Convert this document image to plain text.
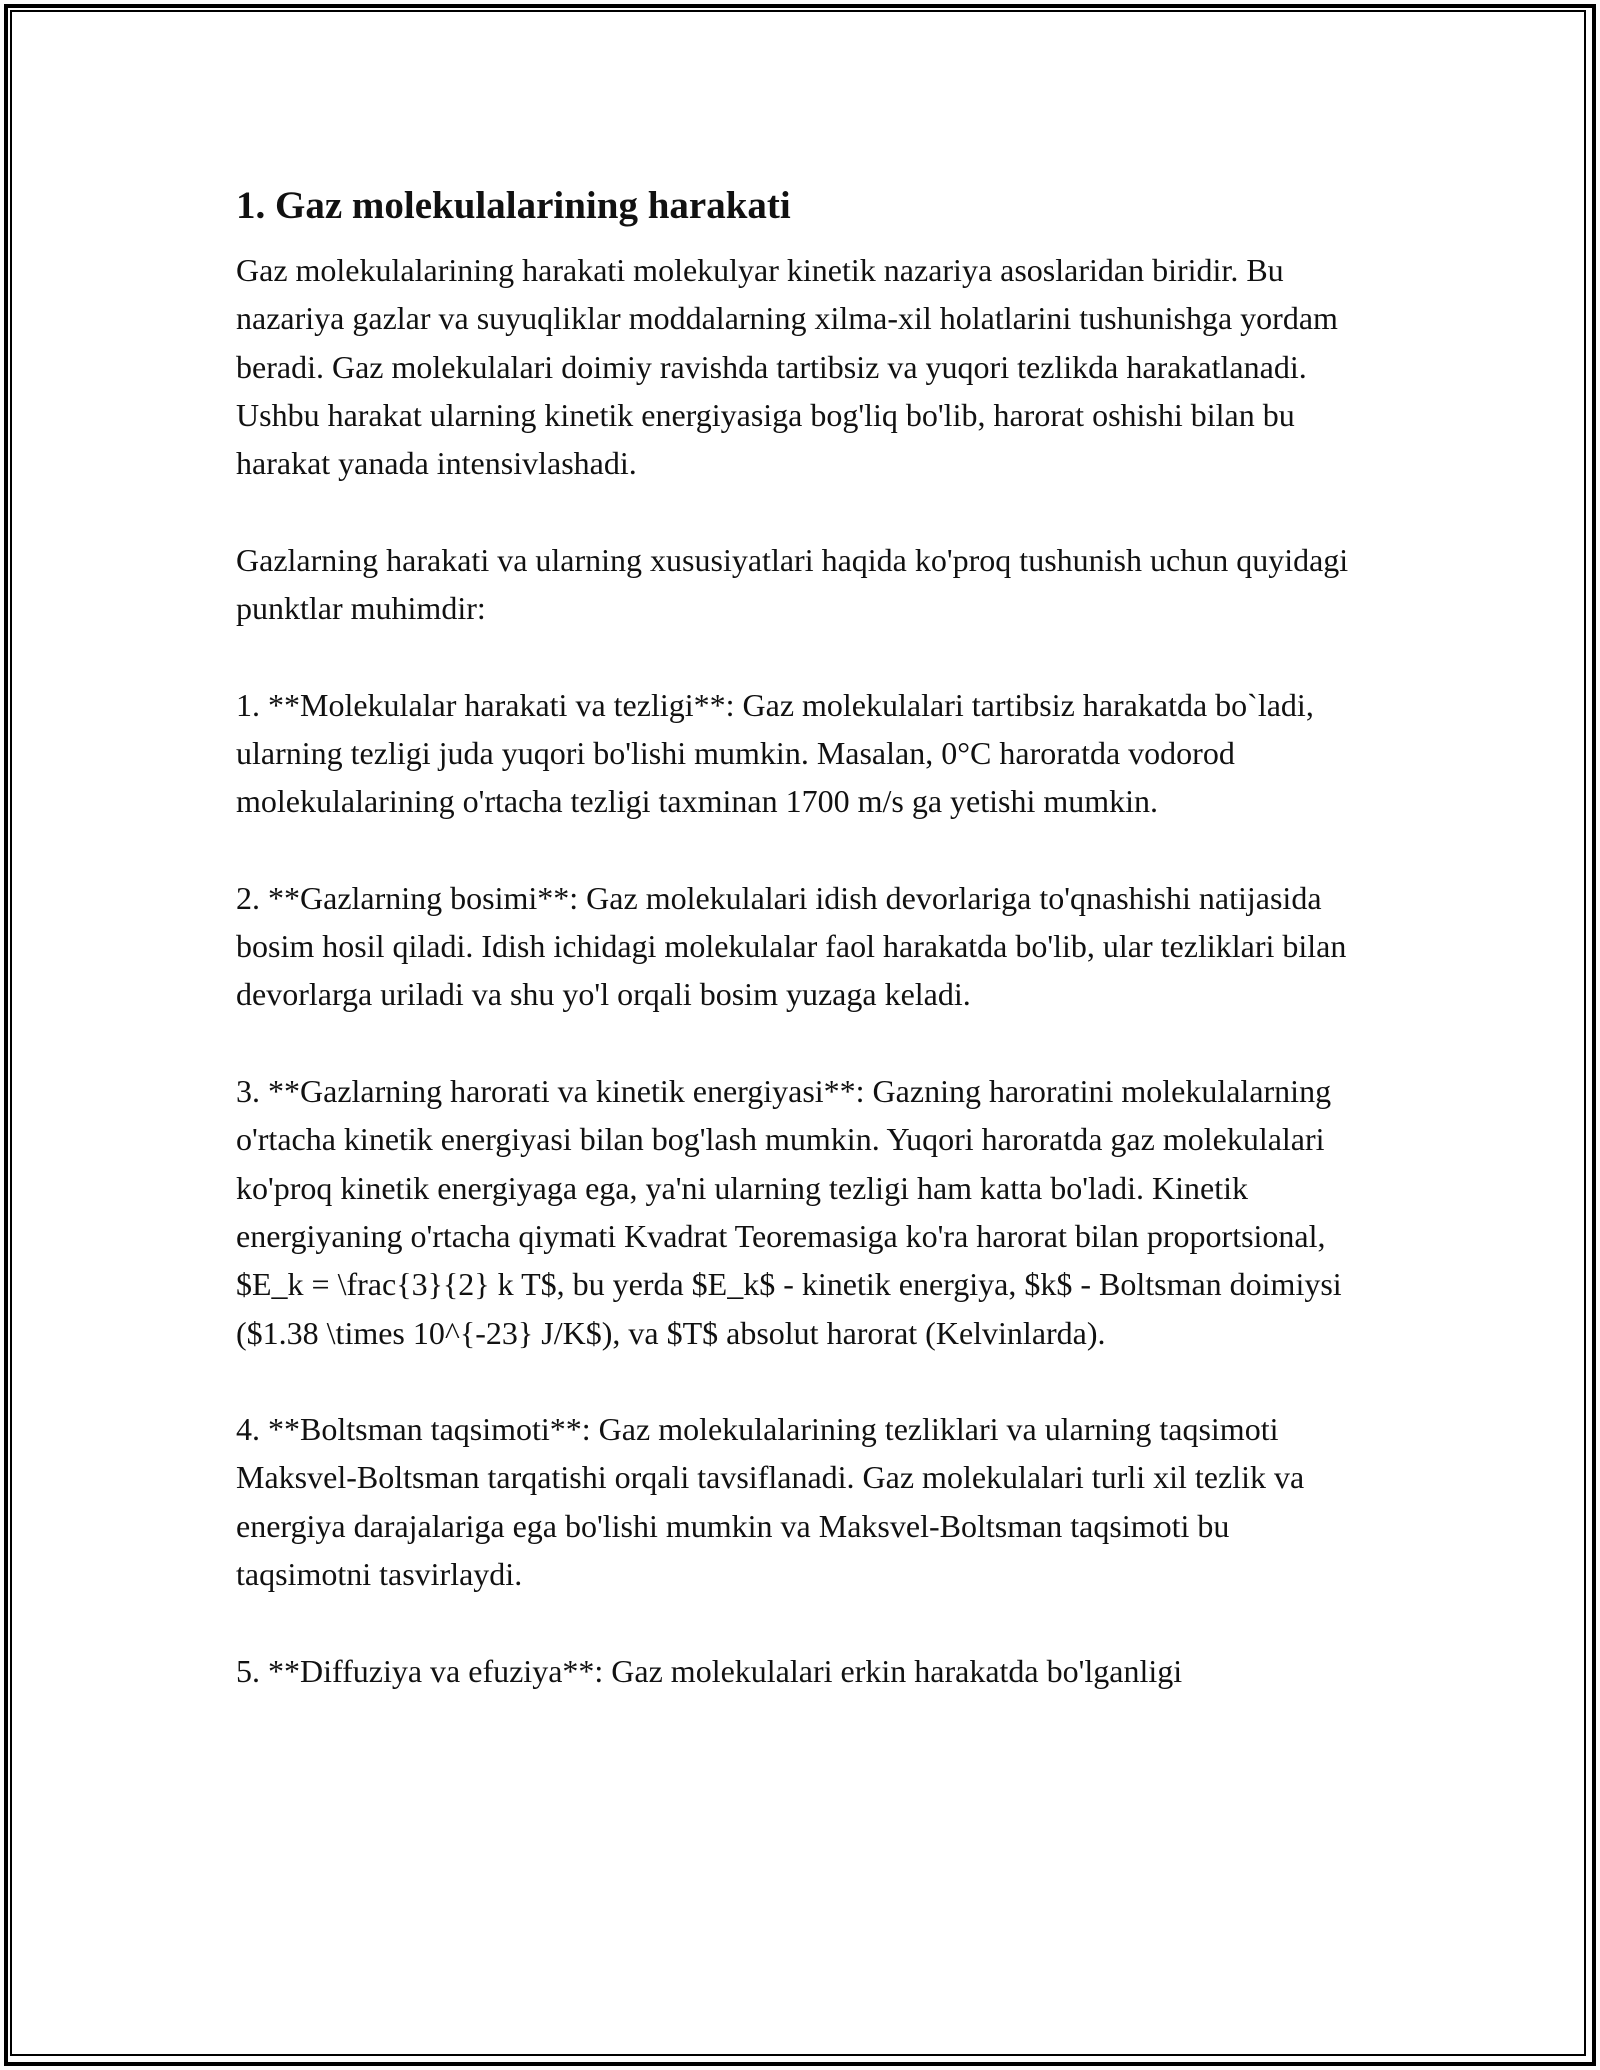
1. Gaz molekulalarining harakati

Gaz molekulalarining harakati molekulyar kinetik nazariya asoslaridan biridir. Bu nazariya gazlar va suyuqliklar moddalarning xilma-xil holatlarini tushunishga yordam beradi. Gaz molekulalari doimiy ravishda tartibsiz va yuqori tezlikda harakatlanadi. Ushbu harakat ularning kinetik energiyasiga bog'liq bo'lib, harorat oshishi bilan bu harakat yanada intensivlashadi.

Gazlarning harakati va ularning xususiyatlari haqida ko'proq tushunish uchun quyidagi punktlar muhimdir:

1. **Molekulalar harakati va tezligi**: Gaz molekulalari tartibsiz harakatda bo`ladi, ularning tezligi juda yuqori bo'lishi mumkin. Masalan, 0°C haroratda vodorod molekulalarining o'rtacha tezligi taxminan 1700 m/s ga yetishi mumkin.

2. **Gazlarning bosimi**: Gaz molekulalari idish devorlariga to'qnashishi natijasida bosim hosil qiladi. Idish ichidagi molekulalar faol harakatda bo'lib, ular tezliklari bilan devorlarga uriladi va shu yo'l orqali bosim yuzaga keladi.

3. **Gazlarning harorati va kinetik energiyasi**: Gazning haroratini molekulalarning o'rtacha kinetik energiyasi bilan bog'lash mumkin. Yuqori haroratda gaz molekulalari ko'proq kinetik energiyaga ega, ya'ni ularning tezligi ham katta bo'ladi. Kinetik energiyaning o'rtacha qiymati Kvadrat Teoremasiga ko'ra harorat bilan proportsional, $E_k = \frac{3}{2} k T$, bu yerda $E_k$ - kinetik energiya, $k$ - Boltsman doimiysi ($1.38 \times 10^{-23} J/K$), va $T$ absolut harorat (Kelvinlarda).

4. **Boltsman taqsimoti**: Gaz molekulalarining tezliklari va ularning taqsimoti Maksvel-Boltsman tarqatishi orqali tavsiflanadi. Gaz molekulalari turli xil tezlik va energiya darajalariga ega bo'lishi mumkin va Maksvel-Boltsman taqsimoti bu taqsimotni tasvirlaydi.

5. **Diffuziya va efuziya**: Gaz molekulalari erkin harakatda bo'lganligi
